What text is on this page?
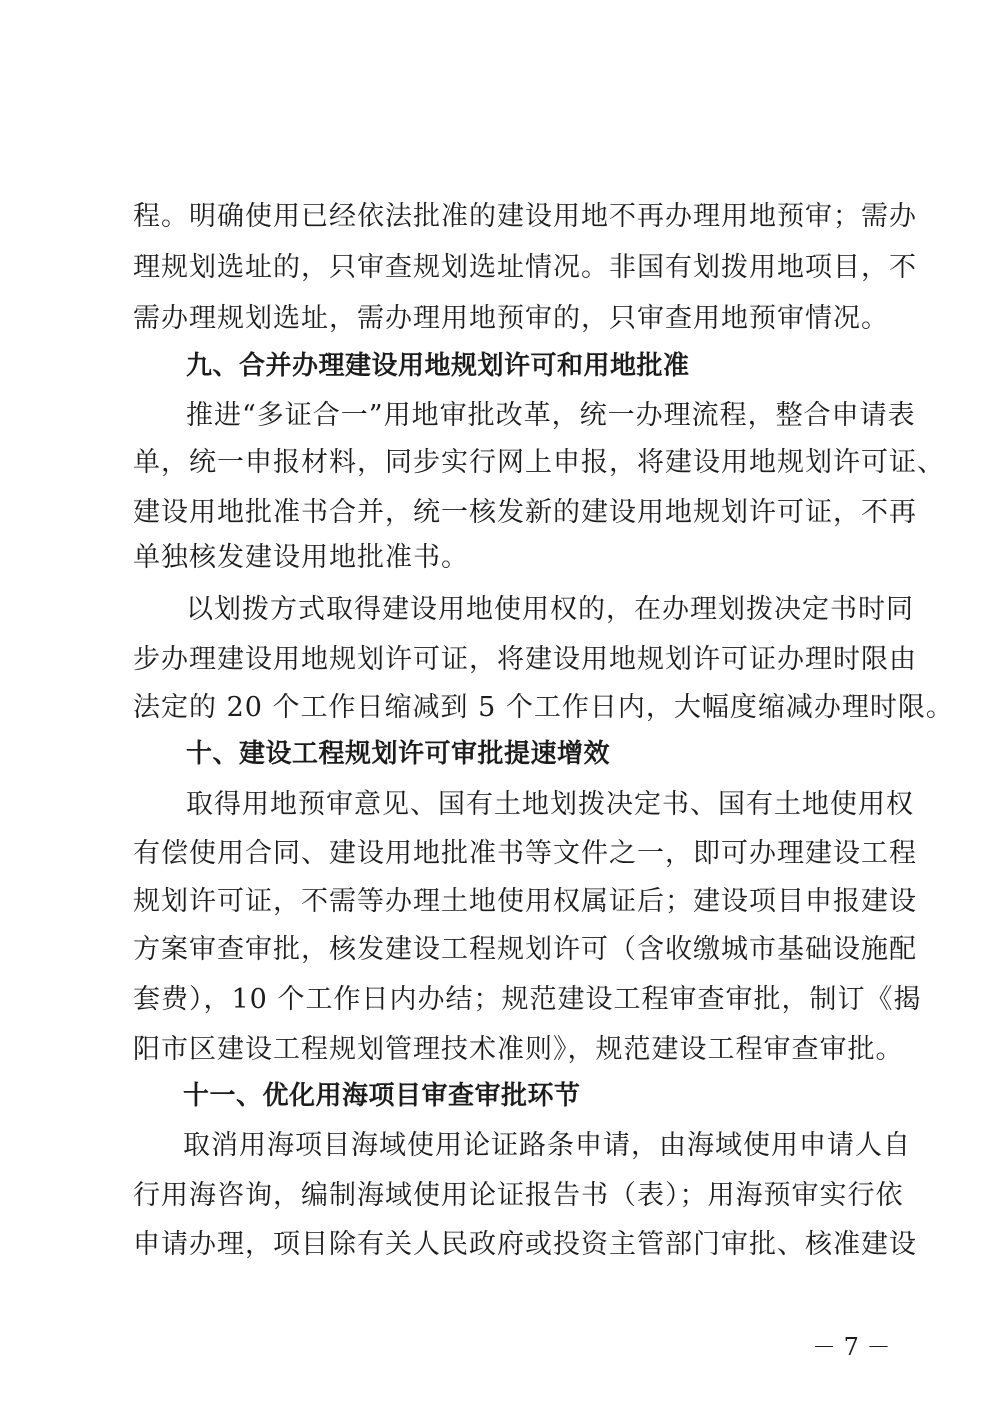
程。明确使用已经依法批准的建设用地不再办理用地预审；需办
理规划选址的，只审查规划选址情况。非国有划拨用地项目，不
需办理规划选址，需办理用地预审的，只审查用地预审情况。
九、合并办理建设用地规划许可和用地批准
推进“多证合一”用地审批改革，统一办理流程，整合申请表
单，统一申报材料，同步实行网上申报，将建设用地规划许可证、
建设用地批准书合并，统一核发新的建设用地规划许可证，不再
单独核发建设用地批准书。
以划拨方式取得建设用地使用权的，在办理划拨决定书时同
步办理建设用地规划许可证，将建设用地规划许可证办理时限由
法定的 20 个工作日缩减到 5 个工作日内，大幅度缩减办理时限。
十、建设工程规划许可审批提速增效
取得用地预审意见、国有土地划拨决定书、国有土地使用权
有偿使用合同、建设用地批准书等文件之一，即可办理建设工程
规划许可证，不需等办理土地使用权属证后；建设项目申报建设
方案审查审批，核发建设工程规划许可（含收缴城市基础设施配
套费），10 个工作日内办结；规范建设工程审查审批，制订《揭
阳市区建设工程规划管理技术准则》，规范建设工程审查审批。
十一、优化用海项目审查审批环节
取消用海项目海域使用论证路条申请，由海域使用申请人自
行用海咨询，编制海域使用论证报告书（表）；用海预审实行依
申请办理，项目除有关人民政府或投资主管部门审批、核准建设
－ 7 －
